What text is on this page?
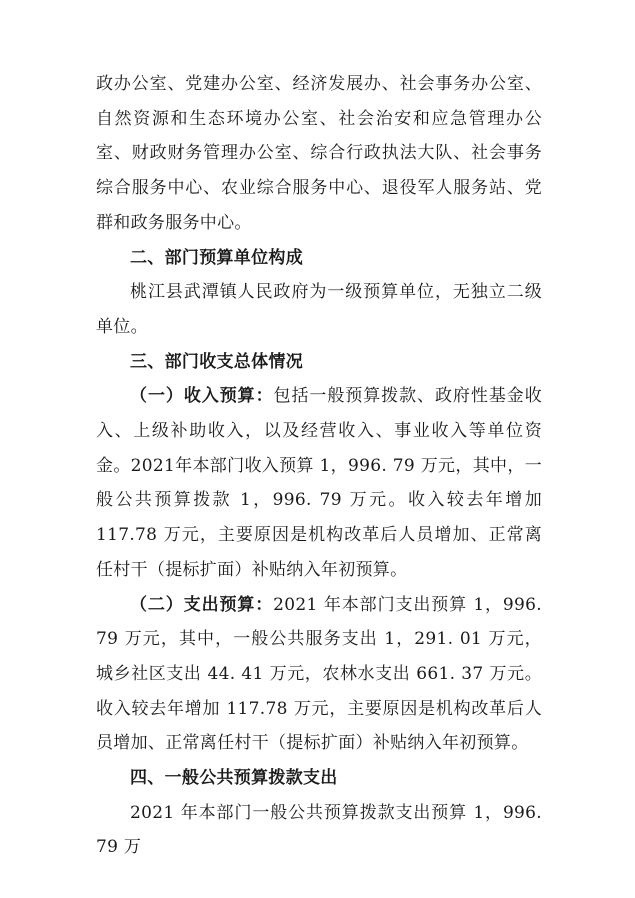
政办公室、党建办公室、经济发展办、社会事务办公室、自然资源和生态环境办公室、社会治安和应急管理办公室、财政财务管理办公室、综合行政执法大队、社会事务综合服务中心、农业综合服务中心、退役军人服务站、党群和政务服务中心。

二、部门预算单位构成

桃江县武潭镇人民政府为一级预算单位，无独立二级单位。

三、部门收支总体情况

（一）收入预算：包括一般预算拨款、政府性基金收入、上级补助收入，以及经营收入、事业收入等单位资金。2021年本部门收入预算 1，996. 79 万元，其中，一般公共预算拨款 1，996. 79 万元。收入较去年增加 117.78 万元，主要原因是机构改革后人员增加、正常离任村干（提标扩面）补贴纳入年初预算。

（二）支出预算：2021 年本部门支出预算 1，996. 79 万元，其中，一般公共服务支出 1，291. 01 万元，城乡社区支出 44. 41 万元，农林水支出 661. 37 万元。收入较去年增加 117.78 万元，主要原因是机构改革后人员增加、正常离任村干（提标扩面）补贴纳入年初预算。

四、一般公共预算拨款支出

2021 年本部门一般公共预算拨款支出预算 1，996. 79 万
